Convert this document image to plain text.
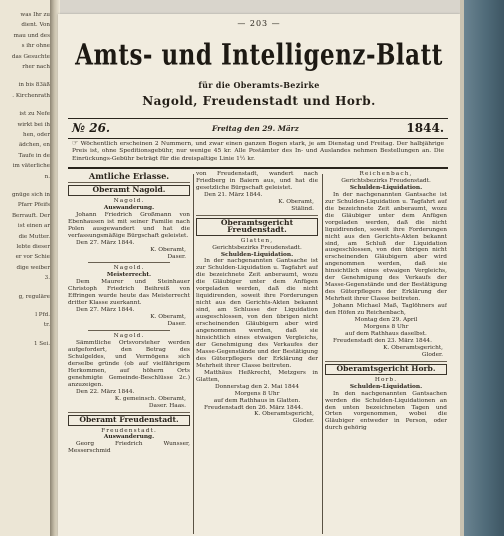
was Ihr zu
dient. Von
mau und des
s ihr ohne
das Gesuchte
rher nach
in bis 83äß
. Kirchenrath
ist zu Nefe
wirkt bei ih
hen, oder
ädchen, en
Taufe in de
im väterliche
n.
gnüge sich in
Pfarr Pfeifs
Berrauft. Der
ist einen ar
die Mutter.
lebte dieser
er vor Schie
dige weiber
3.
g, reguläre
l Pfd.
tr.
1 Sei.
— 203 —
Amts- und Intelligenz-Blatt
für die Oberamts-Bezirke
Nagold, Freudenstadt und Horb.
№ 26.	Freitag den 29. März	1844.
☞ Wöchentlich erscheinen 2 Nummern, und zwar einen ganzen Bogen stark, je am Dienstag und Freitag. Der halbjährige Preis ist, ohne Speditionsgebühr, nur wenige 45 kr. Alle Postämter des In- und Auslandes nehmen Bestellungen an. Die Einrückungs-Gebühr beträgt für die dreispaltige Linie 1½ kr.
Amtliche Erlasse.
Oberamt Nagold.

Nagold.

Auswanderung.

Johann Friedrich Großmann von Ebenhausen ist mit seiner Familie nach Polen ausgewandert und hat die verfassungsmäßige Bürgschaft geleistet.

Den 27. März 1844.

K. Oberamt,

Daser.

Nagold.

Meisterrecht.

Dem Maurer und Steinhauer Christoph Friedrich Beihreiß von Effringen wurde heute das Meisterrecht dritter Klasse zuerkannt.

Den 27. März 1844.

K. Oberamt,

Daser.

Nagold.

Sämmtliche Ortsvorsteher werden aufgefordert, den Betrag des Schulgeldes, und Vermögens sich derselbe gründe (ob auf vielfährigem Herkommen, auf höhern Orts genehmigte Gemeinde-Beschlüsse 2c.) anzuzeigen.

Den 22. März 1844.

K. gemeinsch. Oberamt,

Daser. Haas.

Oberamt Freudenstadt.

Freudenstadt.

Auswanderung.

Georg Friedrich Wunsser, Messerschmid

von Freudenstadt, wandert nach Friedberg in Baiern aus, und hat die gesetzliche Bürgschaft geleistet.

Den 21. März 1844.

K. Oberamt,

Stälind.

Oberamtsgericht Freudenstadt.

Glatten,

Gerichtsbezirks Freudenstadt.

Schulden-Liquidation.

In der nachgenannten Gantsache ist zur Schulden-Liquidation u. Tagfahrt auf die bezeichnete Zeit anberaumt, wozu die Gläubiger unter dem Anfügen vorgeladen werden, daß die nicht liquidirenden, soweit ihre Forderungen nicht aus den Gerichts-Akten bekannt sind, am Schlusse der Liquidation ausgeschlossen, von den übrigen nicht erscheinenden Gläubigern aber wird angenommen werden, daß sie hinsichtlich eines etwaigen Vergleichs, der Genehmigung des Verkaufes der Masse-Gegenstände und der Bestätigung des Güterpflegers der Erklärung der Mehrheit ihrer Classe beitreten.

Matthäus Heßkrecht, Metzgers in Glatten,

Donnerstag den 2. Mai 1844

Morgens 8 Uhr

auf dem Rathhaus in Glatten.

Freudenstadt den 26. März 1844.

K. Oberamtsgericht,

Gloder.

Reichenbach,

Gerichtsbezirks Freudenstadt.

Schulden-Liquidation.

In der nachgenannten Gantsache ist zur Schulden-Liquidation u. Tagfahrt auf die bezeichnete Zeit anberaumt, wozu die Gläubiger unter dem Anfügen vorgeladen werden, daß die nicht liquidirenden, soweit ihre Forderungen nicht aus den Gerichts-Akten bekannt sind, am Schluß der Liquidation ausgeschlossen, von den übrigen nicht erscheinenden Gläubigern aber wird angenommen werden, daß sie hinsichtlich eines etwaigen Vergleichs, der Genehmigung des Verkaufs der Masse-Gegenstände und der Bestätigung des Güterpflegers der Erklärung der Mehrheit ihrer Classe beitreten.

Johann Michael Maß, Taglöhners auf den Höfen zu Reichenbach,

Montag den 29. April

Morgens 8 Uhr

auf dem Rathhaus daselbst.

Freudenstadt den 23. März 1844.

K. Oberamtsgericht,

Gloder.

Oberamtsgericht Horb.

Horb.

Schulden-Liquidation.

In den nachgenannten Gantsachen werden die Schulden-Liquidationen an den unten bezeichneten Tagen und Orten vorgenommen, wobei die Gläubiger entweder in Person, oder durch gehörig
